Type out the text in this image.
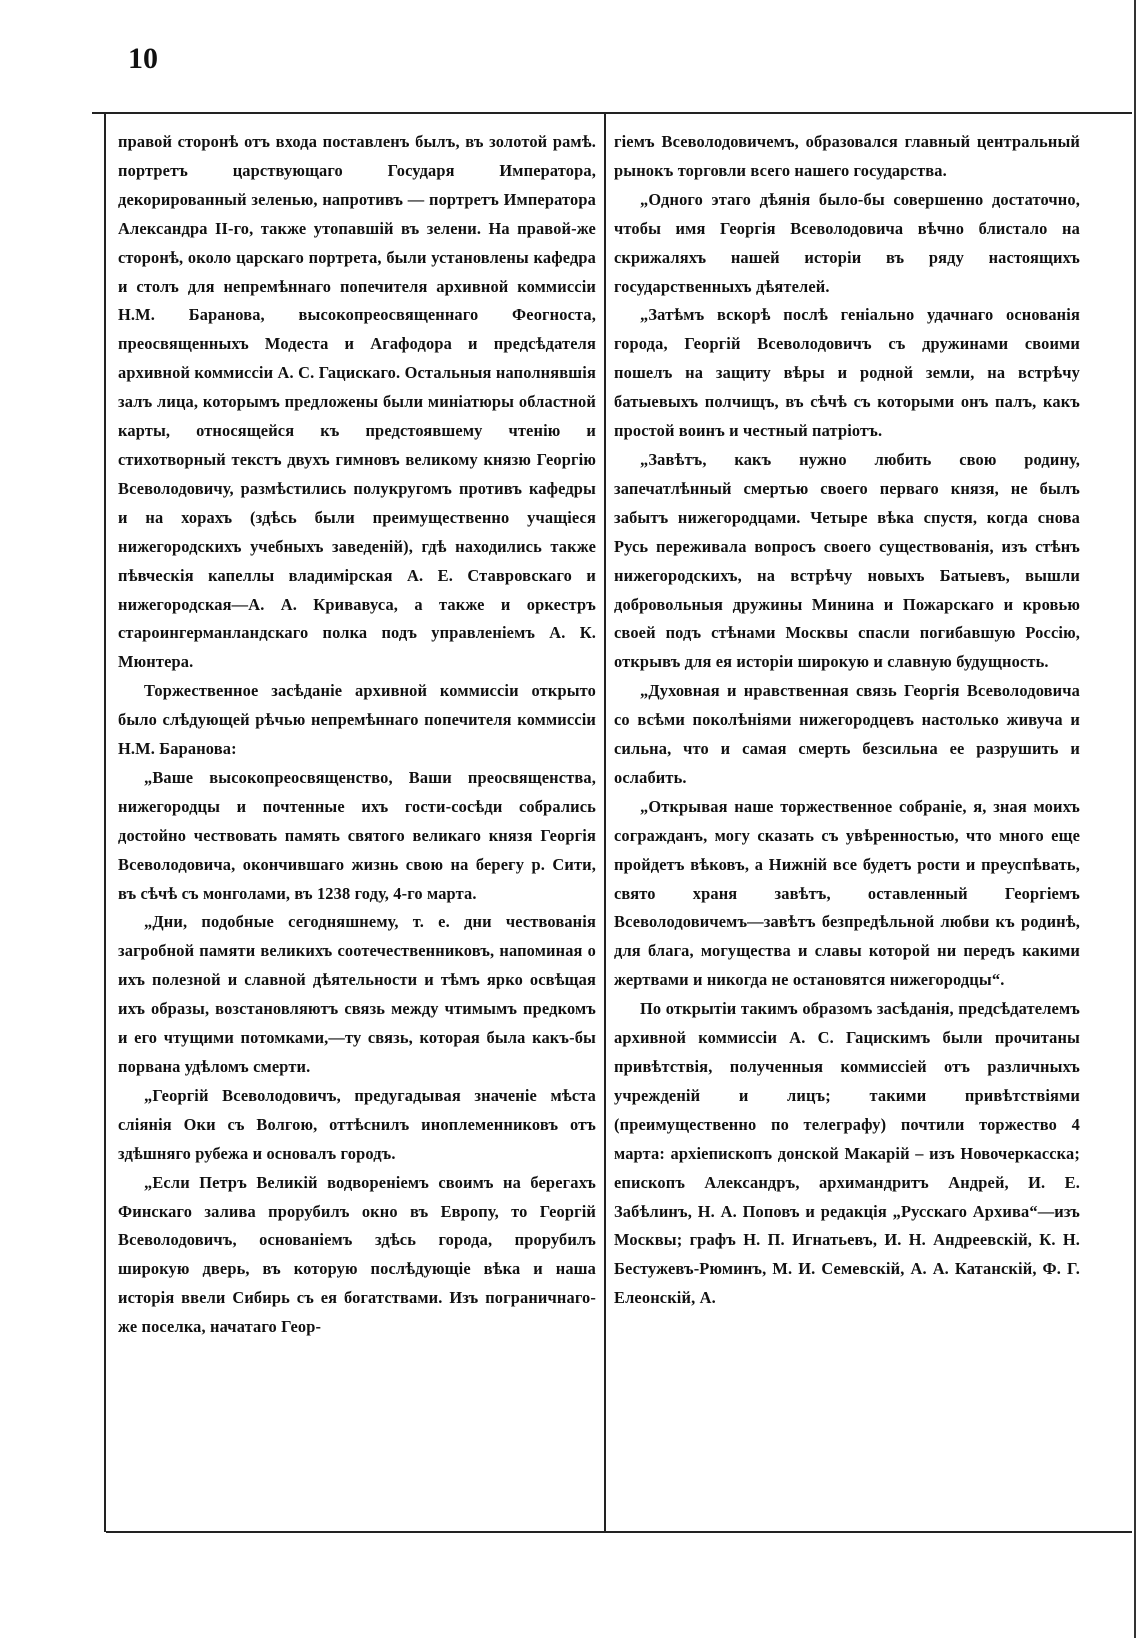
10

правой сторонѣ отъ входа поставленъ былъ, въ золотой рамѣ. портретъ царствующаго Государя Императора, декорированный зеленью, напротивъ — портретъ Императора Александра II-го, также утопавшій въ зелени. На правой-же сторонѣ, около царскаго портрета, были установлены кафедра и столъ для непремѣннаго попечителя архивной коммиссіи Н.М. Баранова, высокопреосвященнаго Феогноста, преосвященныхъ Модеста и Агафодора и предсѣдателя архивной коммиссіи А. С. Гацискаго. Остальныя наполнявшія залъ лица, которымъ предложены были миніатюры областной карты, относящейся къ предстоявшему чтенію и стихотворный текстъ двухъ гимновъ великому князю Георгію Всеволодовичу, размѣстились полукругомъ противъ кафедры и на хорахъ (здѣсь были преимущественно учащіеся нижегородскихъ учебныхъ заведеній), гдѣ находились также пѣвческія капеллы владимірская А. Е. Ставровскаго и нижегородская—А. А. Кривавуса, а также и оркестръ староингерманландскаго полка подъ управленіемъ А. К. Мюнтера.

Торжественное засѣданіе архивной коммиссіи открыто было слѣдующей рѣчью непремѣннаго попечителя коммиссіи Н.М. Баранова:

„Ваше высокопреосвященство, Ваши преосвященства, нижегородцы и почтенные ихъ гости-сосѣди собрались достойно чествовать память святого великаго князя Георгія Всеволодовича, окончившаго жизнь свою на берегу р. Сити, въ сѣчѣ съ монголами, въ 1238 году, 4-го марта.

„Дни, подобные сегодняшнему, т. е. дни чествованія загробной памяти великихъ соотечественниковъ, напоминая о ихъ полезной и славной дѣятельности и тѣмъ ярко освѣщая ихъ образы, возстановляютъ связь между чтимымъ предкомъ и его чтущими потомками,—ту связь, которая была какъ-бы порвана удѣломъ смерти.

„Георгій Всеволодовичъ, предугадывая значеніе мѣста сліянія Оки съ Волгою, оттѣснилъ иноплеменниковъ отъ здѣшняго рубежа и основалъ городъ.

„Если Петръ Великій водвореніемъ своимъ на берегахъ Финскаго залива прорубилъ окно въ Европу, то Георгій Всеволодовичъ, основаніемъ здѣсь города, прорубилъ широкую дверь, въ которую послѣдующіе вѣка и наша исторія ввели Сибирь съ ея богатствами. Изъ пограничнаго-же поселка, начатаго Геор-

гіемъ Всеволодовичемъ, образовался главный центральный рынокъ торговли всего нашего государства.

„Одного этаго дѣянія было-бы совершенно достаточно, чтобы имя Георгія Всеволодовича вѣчно блистало на скрижаляхъ нашей исторіи въ ряду настоящихъ государственныхъ дѣятелей.

„Затѣмъ вскорѣ послѣ геніально удачнаго основанія города, Георгій Всеволодовичъ съ дружинами своими пошелъ на защиту вѣры и родной земли, на встрѣчу батыевыхъ полчищъ, въ сѣчѣ съ которыми онъ палъ, какъ простой воинъ и честный патріотъ.

„Завѣтъ, какъ нужно любить свою родину, запечатлѣнный смертью своего перваго князя, не былъ забытъ нижегородцами. Четыре вѣка спустя, когда снова Русь переживала вопросъ своего существованія, изъ стѣнъ нижегородскихъ, на встрѣчу новыхъ Батыевъ, вышли добровольныя дружины Минина и Пожарскаго и кровью своей подъ стѣнами Москвы спасли погибавшую Россію, открывъ для ея исторіи широкую и славную будущность.

„Духовная и нравственная связь Георгія Всеволодовича со всѣми поколѣніями нижегородцевъ настолько живуча и сильна, что и самая смерть безсильна ее разрушить и ослабить.

„Открывая наше торжественное собраніе, я, зная моихъ согражданъ, могу сказать съ увѣренностью, что много еще пройдетъ вѣковъ, а Нижній все будетъ рости и преуспѣвать, свято храня завѣтъ, оставленный Георгіемъ Всеволодовичемъ—завѣтъ безпредѣльной любви къ родинѣ, для блага, могущества и славы которой ни передъ какими жертвами и никогда не остановятся нижегородцы“.

По открытіи такимъ образомъ засѣданія, предсѣдателемъ архивной коммиссіи А. С. Гацискимъ были прочитаны привѣтствія, полученныя коммиссіей отъ различныхъ учрежденій и лицъ; такими привѣтствіями (преимущественно по телеграфу) почтили торжество 4 марта: архіепископъ донской Макарій – изъ Новочеркасска; епископъ Александръ, архимандритъ Андрей, И. Е. Забѣлинъ, Н. А. Поповъ и редакція „Русскаго Архива“—изъ Москвы; графъ Н. П. Игнатьевъ, И. Н. Андреевскій, К. Н. Бестужевъ-Рюминъ, М. И. Семевскій, А. А. Катанскій, Ф. Г. Елеонскій, А.
